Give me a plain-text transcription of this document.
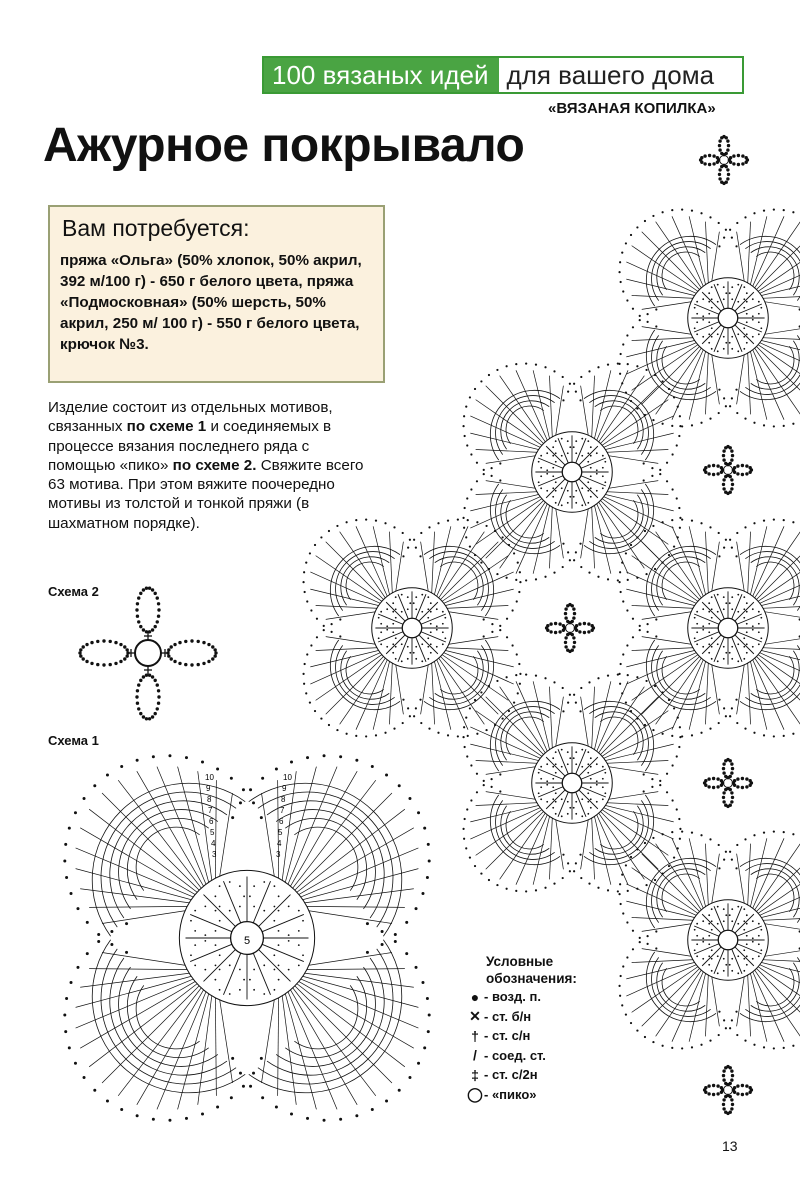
100 вязаных идей для вашего дома
«ВЯЗАНАЯ КОПИЛКА»
Ажурное покрывало
Вам потребуется:
пряжа «Ольга» (50% хлопок, 50% акрил, 392 м/100 г) - 650 г белого цвета, пряжа «Подмосковная» (50% шерсть, 50% акрил, 250 м/ 100 г) - 550 г белого цвета, крючок №3.
Изделие состоит из отдельных мотивов, связанных по схеме 1 и соединяемых в процессе вязания последнего ряда с помощью «пико» по схеме 2. Свяжите всего 63 мотива. При этом вяжите поочередно мотивы из толстой и тонкой пряжи (в шахматном порядке).
Схема 2
Схема 1
10	10
9	9
8	8
7	7
6	6
5	5
4	4
3	3
5
Условные
обозначения:
● - возд. п.
✕ - ст. б/н
† - ст. с/н
/ - соед. ст.
‡ - ст. с/2н
◯ - «пико»
13
